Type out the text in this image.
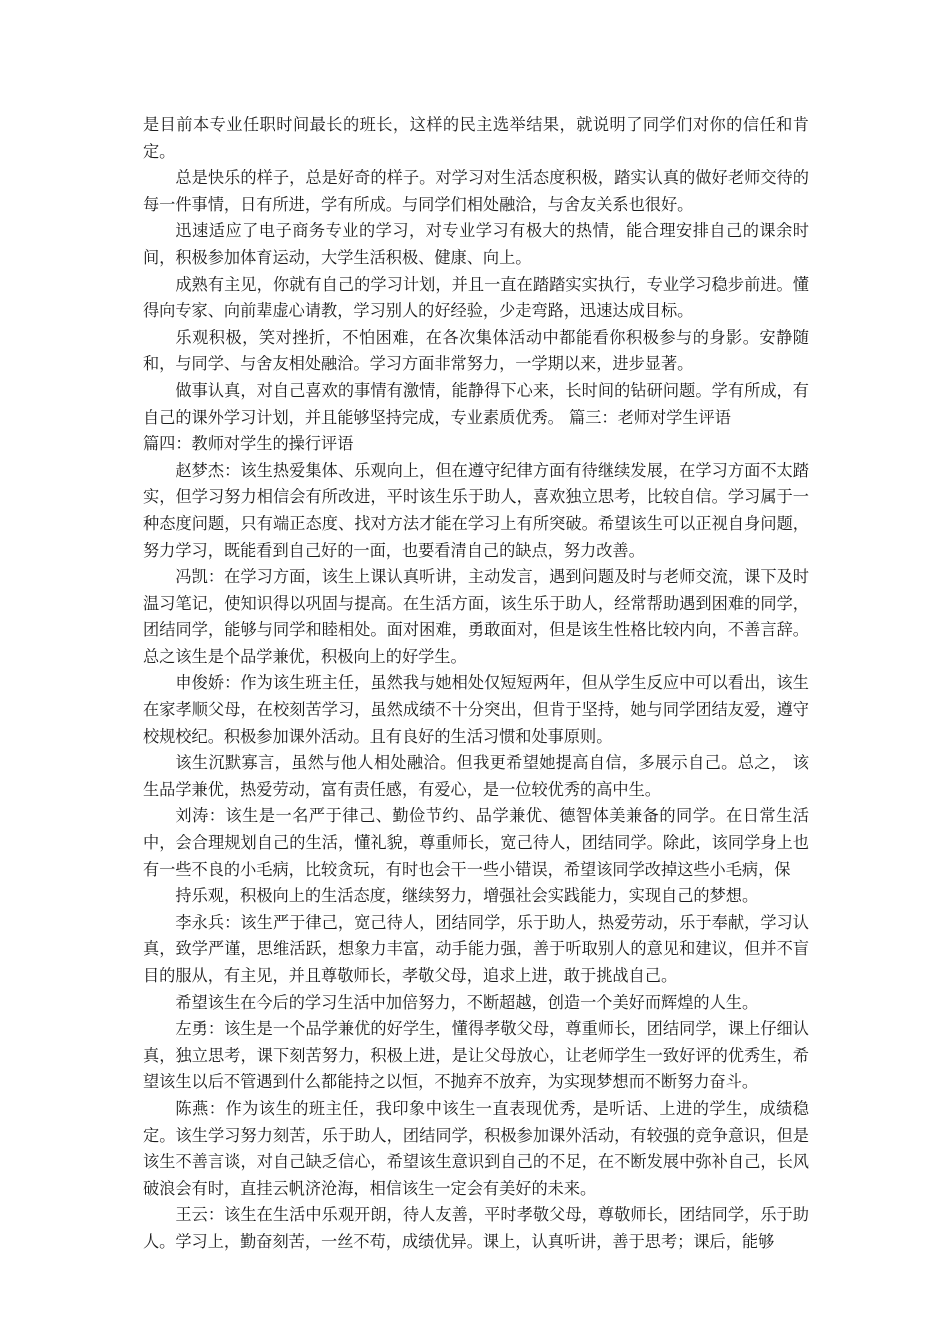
是目前本专业任职时间最长的班长，这样的民主选举结果，就说明了同学们对你的信任和肯定。

总是快乐的样子，总是好奇的样子。对学习对生活态度积极，踏实认真的做好老师交待的每一件事情，日有所进，学有所成。与同学们相处融洽，与舍友关系也很好。

迅速适应了电子商务专业的学习，对专业学习有极大的热情，能合理安排自己的课余时间，积极参加体育运动，大学生活积极、健康、向上。

成熟有主见，你就有自己的学习计划，并且一直在踏踏实实执行，专业学习稳步前进。懂得向专家、向前辈虚心请教，学习别人的好经验，少走弯路，迅速达成目标。

乐观积极，笑对挫折，不怕困难，在各次集体活动中都能看你积极参与的身影。安静随和，与同学、与舍友相处融洽。学习方面非常努力，一学期以来，进步显著。

做事认真，对自己喜欢的事情有激情，能静得下心来，长时间的钻研问题。学有所成，有自己的课外学习计划，并且能够坚持完成，专业素质优秀。 篇三：老师对学生评语

篇四：教师对学生的操行评语

赵梦杰：该生热爱集体、乐观向上，但在遵守纪律方面有待继续发展，在学习方面不太踏实，但学习努力相信会有所改进，平时该生乐于助人，喜欢独立思考，比较自信。学习属于一种态度问题，只有端正态度、找对方法才能在学习上有所突破。希望该生可以正视自身问题，努力学习，既能看到自己好的一面，也要看清自己的缺点，努力改善。

冯凯：在学习方面，该生上课认真听讲，主动发言，遇到问题及时与老师交流，课下及时温习笔记，使知识得以巩固与提高。在生活方面，该生乐于助人，经常帮助遇到困难的同学，团结同学，能够与同学和睦相处。面对困难，勇敢面对，但是该生性格比较内向，不善言辞。总之该生是个品学兼优，积极向上的好学生。

申俊娇：作为该生班主任，虽然我与她相处仅短短两年，但从学生反应中可以看出，该生在家孝顺父母，在校刻苦学习，虽然成绩不十分突出，但肯于坚持，她与同学团结友爱，遵守校规校纪。积极参加课外活动。且有良好的生活习惯和处事原则。

该生沉默寡言，虽然与他人相处融洽。但我更希望她提高自信，多展示自己。总之， 该生品学兼优，热爱劳动，富有责任感，有爱心，是一位较优秀的高中生。

刘涛：该生是一名严于律己、勤俭节约、品学兼优、德智体美兼备的同学。在日常生活中，会合理规划自己的生活，懂礼貌，尊重师长，宽己待人，团结同学。除此，该同学身上也有一些不良的小毛病，比较贪玩，有时也会干一些小错误，希望该同学改掉这些小毛病，保

持乐观，积极向上的生活态度，继续努力，增强社会实践能力，实现自己的梦想。

李永兵：该生严于律己，宽己待人，团结同学，乐于助人，热爱劳动，乐于奉献，学习认真，致学严谨，思维活跃，想象力丰富，动手能力强，善于听取别人的意见和建议，但并不盲目的服从，有主见，并且尊敬师长，孝敬父母，追求上进，敢于挑战自己。

希望该生在今后的学习生活中加倍努力，不断超越，创造一个美好而辉煌的人生。

左勇：该生是一个品学兼优的好学生，懂得孝敬父母，尊重师长，团结同学，课上仔细认真，独立思考，课下刻苦努力，积极上进，是让父母放心，让老师学生一致好评的优秀生，希望该生以后不管遇到什么都能持之以恒，不抛弃不放弃，为实现梦想而不断努力奋斗。

陈燕：作为该生的班主任，我印象中该生一直表现优秀，是听话、上进的学生，成绩稳定。该生学习努力刻苦，乐于助人，团结同学，积极参加课外活动，有较强的竞争意识，但是该生不善言谈，对自己缺乏信心，希望该生意识到自己的不足，在不断发展中弥补自己，长风破浪会有时，直挂云帆济沧海，相信该生一定会有美好的未来。

王云：该生在生活中乐观开朗，待人友善，平时孝敬父母，尊敬师长，团结同学，乐于助人。学习上，勤奋刻苦，一丝不苟，成绩优异。课上，认真听讲，善于思考；课后，能够
